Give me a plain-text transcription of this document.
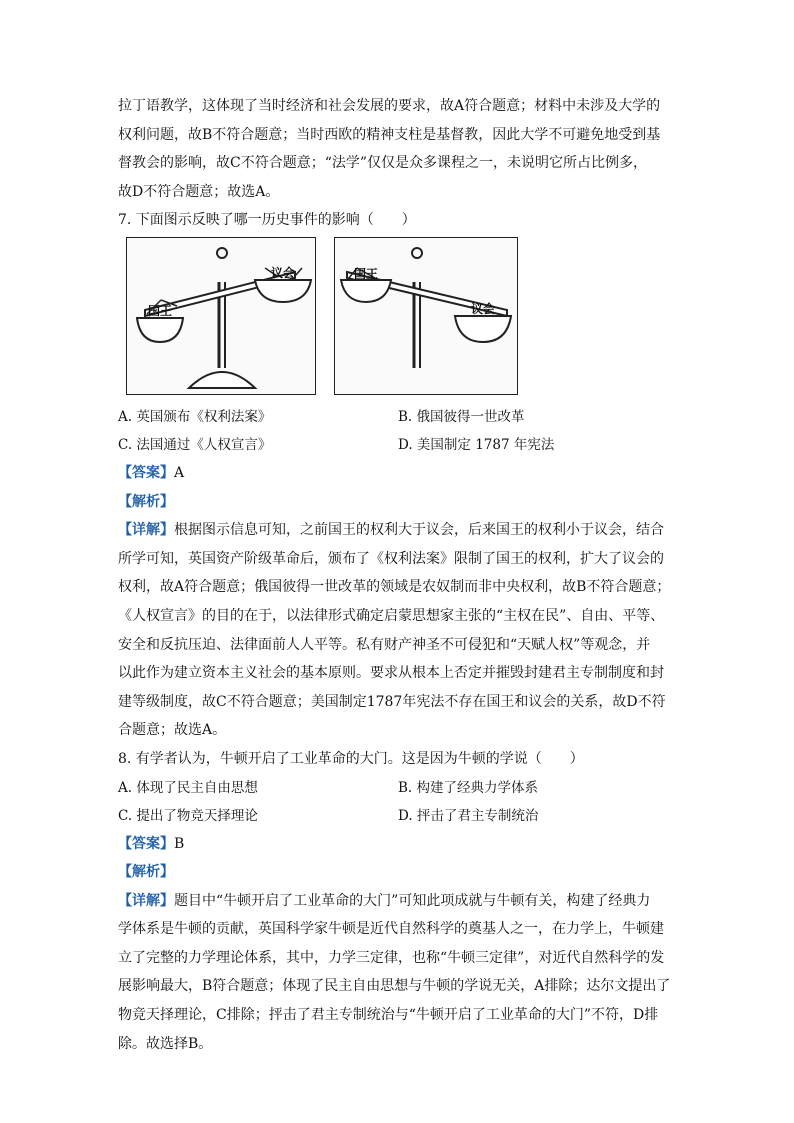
拉丁语教学，这体现了当时经济和社会发展的要求，故A符合题意；材料中未涉及大学的

权利问题，故B不符合题意；当时西欧的精神支柱是基督教，因此大学不可避免地受到基

督教会的影响，故C不符合题意；“法学”仅仅是众多课程之一，未说明它所占比例多，

故D不符合题意；故选A。

7. 下面图示反映了哪一历史事件的影响（　　）

国王
议会	国王
议会
A. 英国颁布《权利法案》	B. 俄国彼得一世改革
C. 法国通过《人权宣言》	D. 美国制定 1787 年宪法

【答案】A

【解析】

【详解】根据图示信息可知，之前国王的权利大于议会，后来国王的权利小于议会，结合

所学可知，英国资产阶级革命后，颁布了《权利法案》限制了国王的权利，扩大了议会的

权利，故A符合题意；俄国彼得一世改革的领域是农奴制而非中央权利，故B不符合题意；

《人权宣言》的目的在于，以法律形式确定启蒙思想家主张的“主权在民”、自由、平等、

安全和反抗压迫、法律面前人人平等。私有财产神圣不可侵犯和“天赋人权”等观念，并

以此作为建立资本主义社会的基本原则。要求从根本上否定并摧毁封建君主专制制度和封

建等级制度，故C不符合题意；美国制定1787年宪法不存在国王和议会的关系，故D不符

合题意；故选A。

8. 有学者认为，牛顿开启了工业革命的大门。这是因为牛顿的学说（　　）

A. 体现了民主自由思想	B. 构建了经典力学体系
C. 提出了物竞天择理论	D. 抨击了君主专制统治

【答案】B

【解析】

【详解】题目中“牛顿开启了工业革命的大门”可知此项成就与牛顿有关，构建了经典力

学体系是牛顿的贡献，英国科学家牛顿是近代自然科学的奠基人之一，在力学上，牛顿建

立了完整的力学理论体系，其中，力学三定律，也称“牛顿三定律”，对近代自然科学的发

展影响最大，B符合题意；体现了民主自由思想与牛顿的学说无关，A排除；达尔文提出了

物竞天择理论，C排除；抨击了君主专制统治与“牛顿开启了工业革命的大门”不符，D排

除。故选择B。
